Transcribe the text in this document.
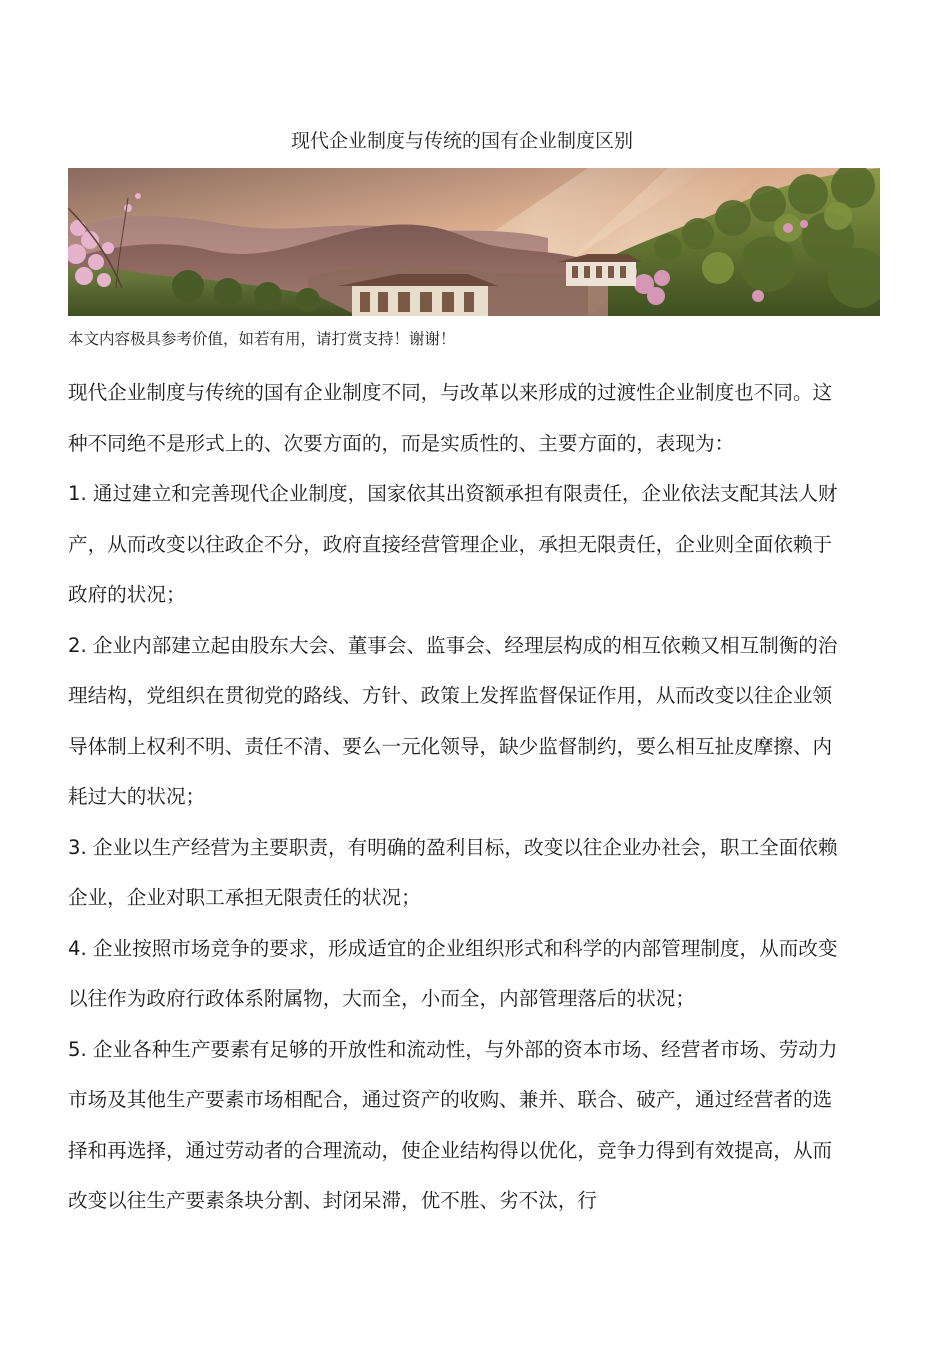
现代企业制度与传统的国有企业制度区别

本文内容极具参考价值，如若有用，请打赏支持！谢谢！

现代企业制度与传统的国有企业制度不同，与改革以来形成的过渡性企业制度也不同。这种不同绝不是形式上的、次要方面的，而是实质性的、主要方面的，表现为：

1. 通过建立和完善现代企业制度，国家依其出资额承担有限责任，企业依法支配其法人财产，从而改变以往政企不分，政府直接经营管理企业，承担无限责任，企业则全面依赖于政府的状况；

2. 企业内部建立起由股东大会、董事会、监事会、经理层构成的相互依赖又相互制衡的治理结构，党组织在贯彻党的路线、方针、政策上发挥监督保证作用，从而改变以往企业领导体制上权利不明、责任不清、要么一元化领导，缺少监督制约，要么相互扯皮摩擦、内耗过大的状况；

3. 企业以生产经营为主要职责，有明确的盈利目标，改变以往企业办社会，职工全面依赖企业，企业对职工承担无限责任的状况；

4. 企业按照市场竞争的要求，形成适宜的企业组织形式和科学的内部管理制度，从而改变以往作为政府行政体系附属物，大而全，小而全，内部管理落后的状况；

5. 企业各种生产要素有足够的开放性和流动性，与外部的资本市场、经营者市场、劳动力市场及其他生产要素市场相配合，通过资产的收购、兼并、联合、破产，通过经营者的选择和再选择，通过劳动者的合理流动，使企业结构得以优化，竞争力得到有效提高，从而改变以往生产要素条块分割、封闭呆滞，优不胜、劣不汰，行
